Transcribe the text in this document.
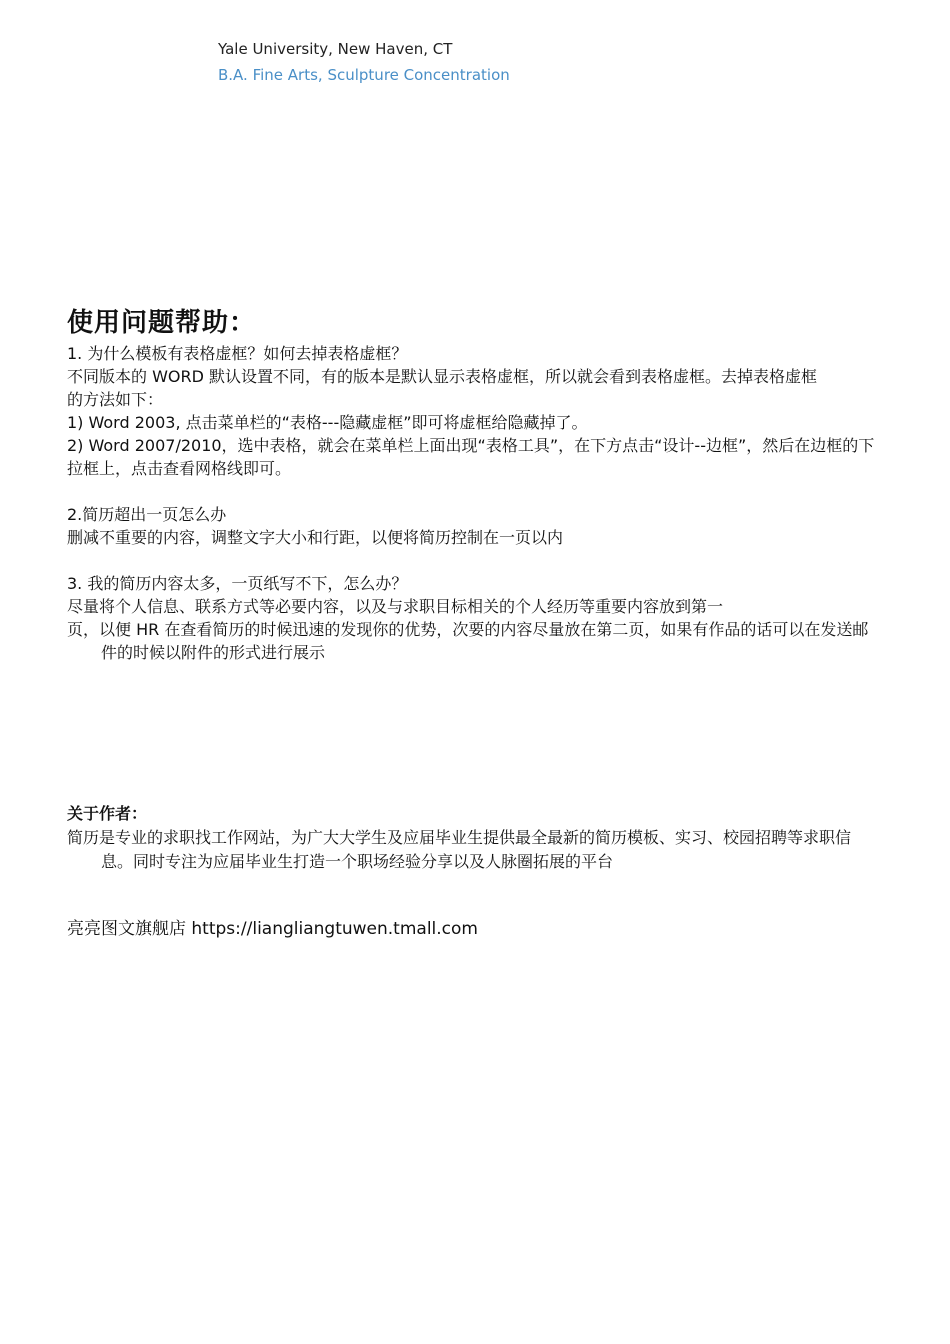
Yale University, New Haven, CT
B.A. Fine Arts, Sculpture Concentration
使用问题帮助：

1. 为什么模板有表格虚框？如何去掉表格虚框？

不同版本的 WORD 默认设置不同，有的版本是默认显示表格虚框，所以就会看到表格虚框。去掉表格虚框

的方法如下：

1) Word 2003, 点击菜单栏的“表格---隐藏虚框”即可将虚框给隐藏掉了。

2) Word 2007/2010，选中表格，就会在菜单栏上面出现“表格工具”，在下方点击“设计--边框”，然后在边框的下拉框上，点击查看网格线即可。

2.简历超出一页怎么办

删减不重要的内容，调整文字大小和行距，以便将简历控制在一页以内

3. 我的简历内容太多，一页纸写不下，怎么办？

尽量将个人信息、联系方式等必要内容，以及与求职目标相关的个人经历等重要内容放到第一

页，以便 HR 在查看简历的时候迅速的发现你的优势，次要的内容尽量放在第二页，如果有作品的话可以在发送邮件的时候以附件的形式进行展示

关于作者：

简历是专业的求职找工作网站，为广大大学生及应届毕业生提供最全最新的简历模板、实习、校园招聘等求职信息。同时专注为应届毕业生打造一个职场经验分享以及人脉圈拓展的平台

亮亮图文旗舰店 https://liangliangtuwen.tmall.com
